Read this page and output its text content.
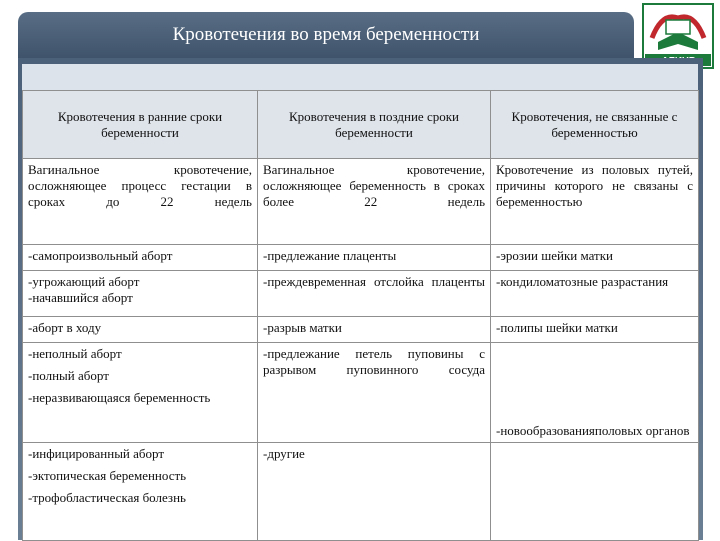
Кровотечения во время беременности
Кровотечения в ранние сроки беременности	Кровотечения в поздние сроки беременности	Кровотечения, не связанные с беременностью
Вагинальное кровотечение, осложняющее процесс гестации в сроках до 22 недель	Вагинальное кровотечение, осложняющее беременность в сроках более 22 недель	Кровотечение из половых путей, причины которого не связаны с беременностью
-самопроизвольный аборт	-предлежание плаценты	-эрозии шейки матки

-угрожающий аборт
-начавшийся аборт	-преждевременная отслойка плаценты	-кондиломатозные разрастания
-аборт в ходу	-разрыв матки	-полипы шейки матки

-неполный аборт
-полный аборт
-неразвивающаяся беременность	-предлежание петель пуповины с разрывом пуповинного сосуда	-новообразованияполовых органов

-инфицированный аборт
-эктопическая беременность
-трофобластическая болезнь	-другие	
